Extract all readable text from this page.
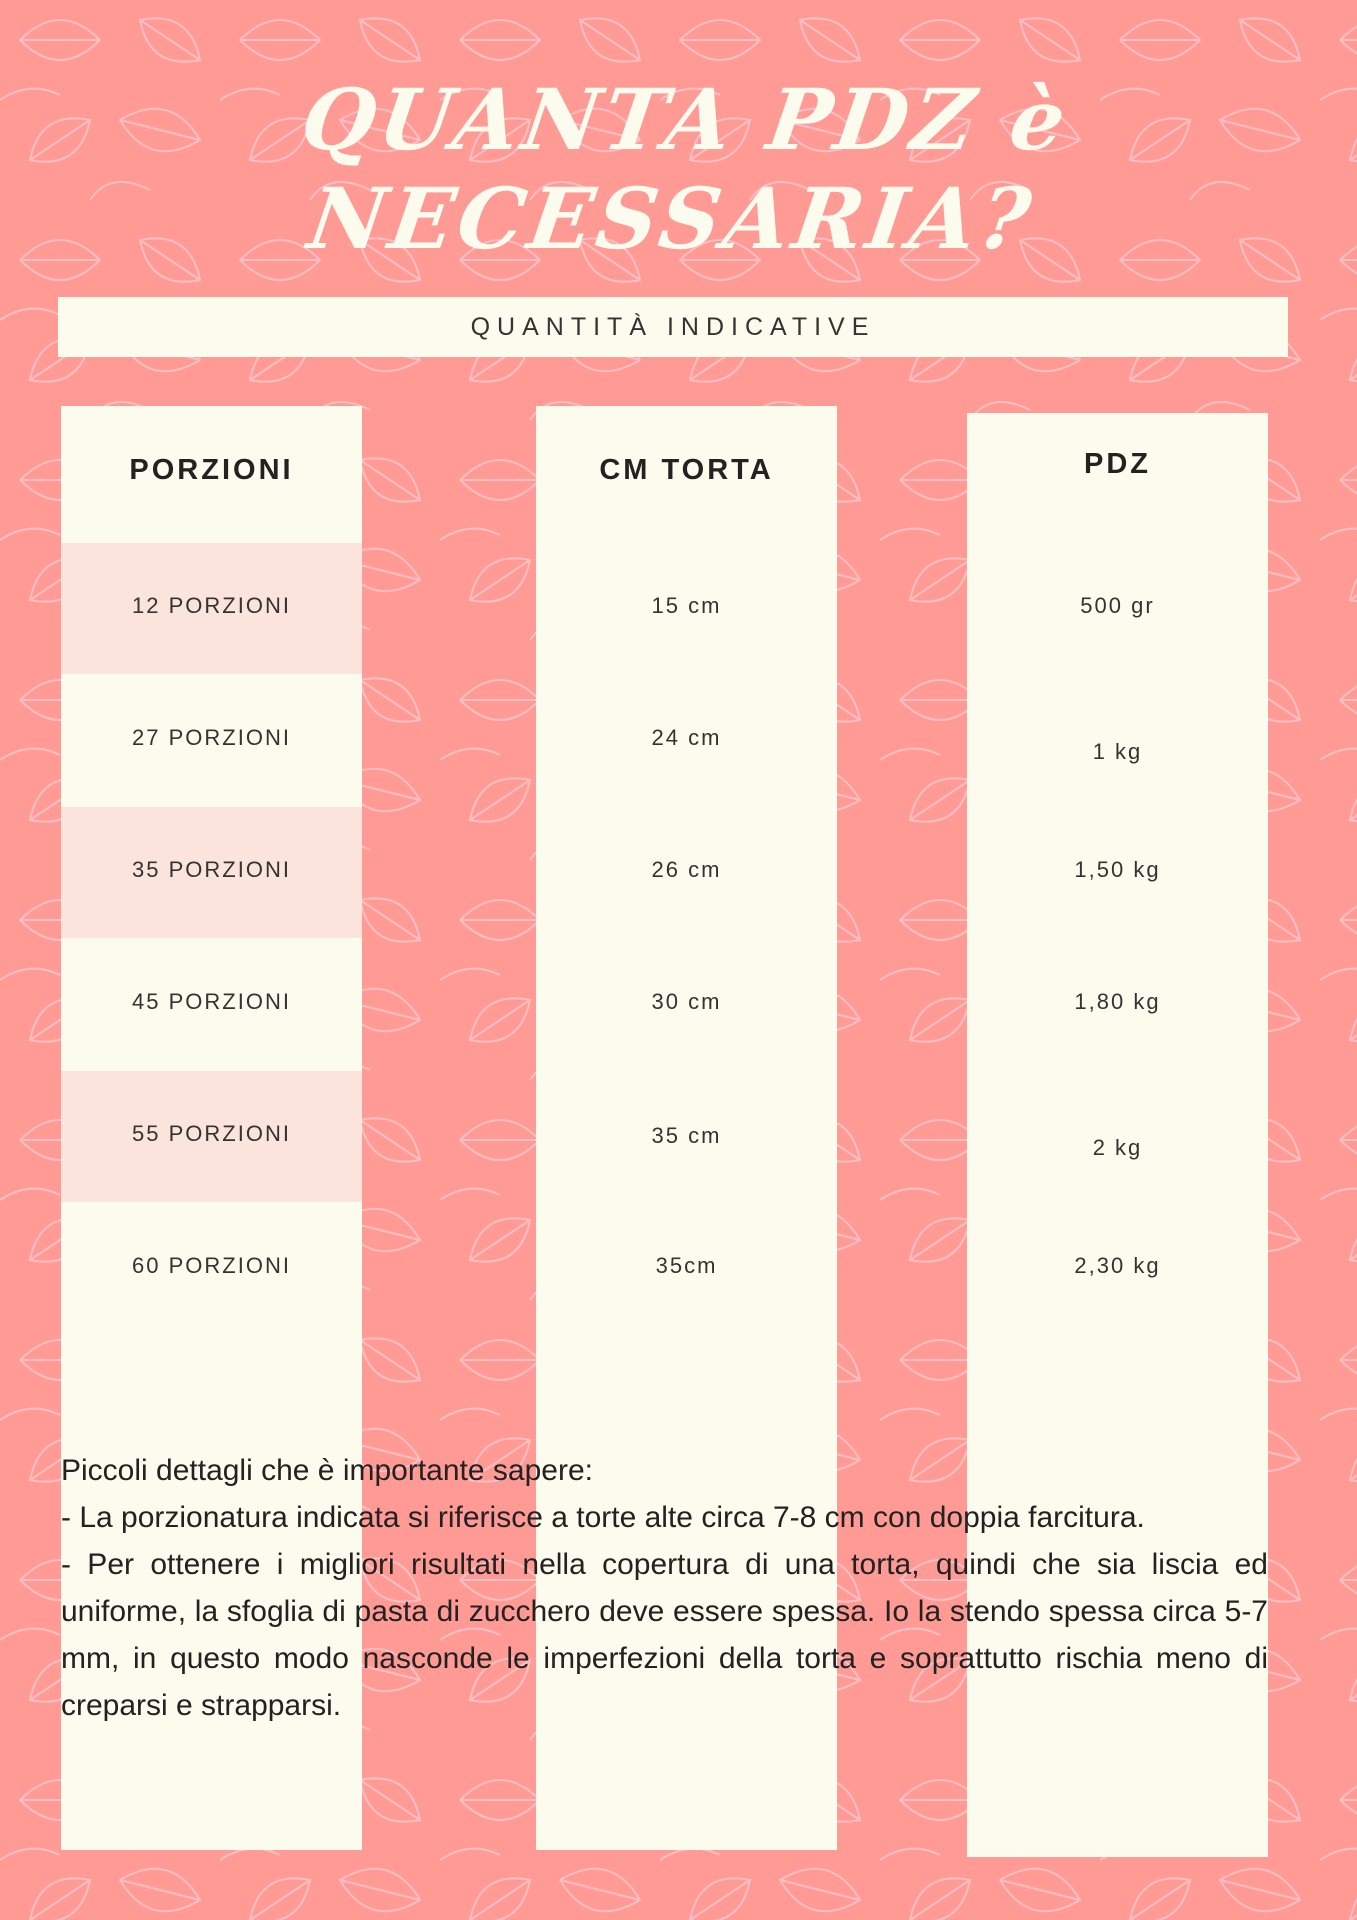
QUANTA PDZ è NECESSARIA?
QUANTITÀ INDICATIVE
PORZIONI
12 PORZIONI
27 PORZIONI
35 PORZIONI
45 PORZIONI
55 PORZIONI
60 PORZIONI
CM TORTA
15 cm
24 cm
26 cm
30 cm
35 cm
35cm
PDZ
500 gr
1 kg
1,50 kg
1,80 kg
2 kg
2,30 kg

Piccoli dettagli che è importante sapere:

- La porzionatura indicata si riferisce a torte alte circa 7-8 cm con doppia farcitura.

- Per ottenere i migliori risultati nella copertura di una torta, quindi che sia liscia ed uniforme, la sfoglia di pasta di zucchero deve essere spessa. Io la stendo spessa circa 5-7 mm, in questo modo nasconde le imperfezioni della torta e soprattutto rischia meno di creparsi e strapparsi.
